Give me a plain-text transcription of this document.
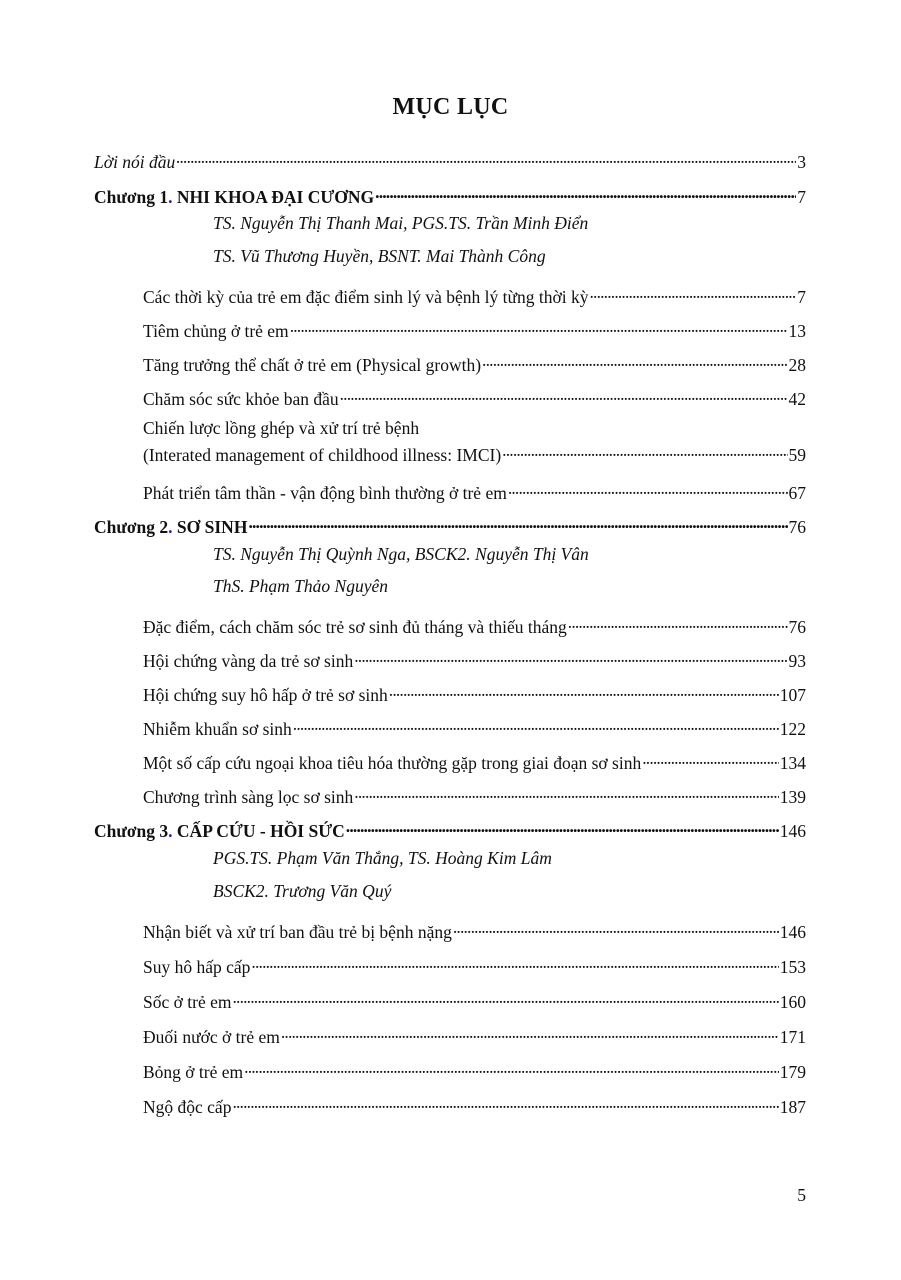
MỤC LỤC
Lời nói đầu . . .	3
Chương 1. NHI KHOA ĐẠI CƯƠNG . . .	7
TS. Nguyễn Thị Thanh Mai, PGS.TS. Trần Minh Điển
TS. Vũ Thương Huyền, BSNT. Mai Thành Công
Các thời kỳ của trẻ em đặc điểm sinh lý và bệnh lý từng thời kỳ . . .	7
Tiêm chủng ở trẻ em . . .	13
Tăng trưởng thể chất ở trẻ em (Physical growth) . . .	28
Chăm sóc sức khỏe ban đầu . . .	42
Chiến lược lồng ghép và xử trí trẻ bệnh
(Interated management of childhood illness: IMCI) . . .	59
Phát triển tâm thần - vận động bình thường ở trẻ em . . .	67
Chương 2. SƠ SINH . . .	76
TS. Nguyễn Thị Quỳnh Nga, BSCK2. Nguyễn Thị Vân
ThS. Phạm Thảo Nguyên
Đặc điểm, cách chăm sóc trẻ sơ sinh đủ tháng và thiếu tháng . . .	76
Hội chứng vàng da trẻ sơ sinh . . .	93
Hội chứng suy hô hấp ở trẻ sơ sinh . . .	107
Nhiễm khuẩn sơ sinh . . .	122
Một số cấp cứu ngoại khoa tiêu hóa thường gặp trong giai đoạn sơ sinh . . .	134
Chương trình sàng lọc sơ sinh . . .	139
Chương 3. CẤP CỨU - HỒI SỨC . . .	146
PGS.TS. Phạm Văn Thắng, TS. Hoàng Kim Lâm
BSCK2. Trương Văn Quý
Nhận biết và xử trí ban đầu trẻ bị bệnh nặng . . .	146
Suy hô hấp cấp . . .	153
Sốc ở trẻ em . . .	160
Đuối nước ở trẻ em . . .	171
Bỏng ở trẻ em . . .	179
Ngộ độc cấp . . .	187
5
